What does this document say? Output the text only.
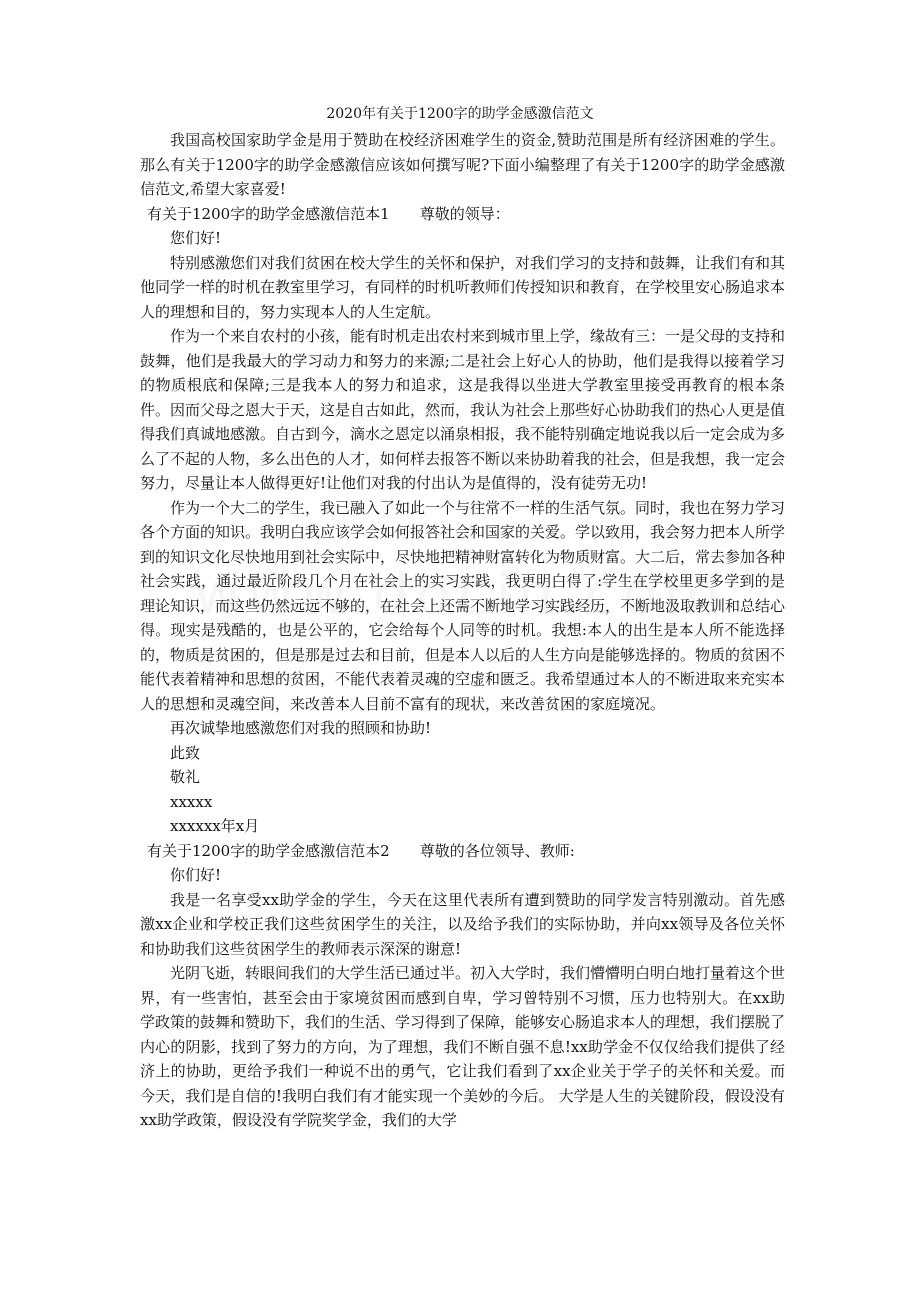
2020年有关于1200字的助学金感激信范文

我国高校国家助学金是用于赞助在校经济困难学生的资金,赞助范围是所有经济困难的学生。那么有关于1200字的助学金感激信应该如何撰写呢?下面小编整理了有关于1200字的助学金感激信范文,希望大家喜爱!

有关于1200字的助学金感激信范本1　　尊敬的领导：

您们好!

特别感激您们对我们贫困在校大学生的关怀和保护，对我们学习的支持和鼓舞，让我们有和其他同学一样的时机在教室里学习，有同样的时机听教师们传授知识和教育，在学校里安心肠追求本人的理想和目的，努力实现本人的人生定航。

作为一个来自农村的小孩，能有时机走出农村来到城市里上学，缘故有三：一是父母的支持和鼓舞，他们是我最大的学习动力和努力的来源;二是社会上好心人的协助，他们是我得以接着学习的物质根底和保障;三是我本人的努力和追求，这是我得以坐进大学教室里接受再教育的根本条件。因而父母之恩大于天，这是自古如此，然而，我认为社会上那些好心协助我们的热心人更是值得我们真诚地感激。自古到今，滴水之恩定以涌泉相报，我不能特别确定地说我以后一定会成为多么了不起的人物，多么出色的人才，如何样去报答不断以来协助着我的社会，但是我想，我一定会努力，尽量让本人做得更好!让他们对我的付出认为是值得的，没有徒劳无功!

作为一个大二的学生，我已融入了如此一个与往常不一样的生活气氛。同时，我也在努力学习各个方面的知识。我明白我应该学会如何报答社会和国家的关爱。学以致用，我会努力把本人所学到的知识文化尽快地用到社会实际中，尽快地把精神财富转化为物质财富。大二后，常去参加各种社会实践，通过最近阶段几个月在社会上的实习实践，我更明白得了:学生在学校里更多学到的是理论知识，而这些仍然远远不够的，在社会上还需不断地学习实践经历，不断地汲取教训和总结心得。现实是残酷的，也是公平的，它会给每个人同等的时机。我想:本人的出生是本人所不能选择的，物质是贫困的，但是那是过去和目前，但是本人以后的人生方向是能够选择的。物质的贫困不能代表着精神和思想的贫困，不能代表着灵魂的空虚和匮乏。我希望通过本人的不断进取来充实本人的思想和灵魂空间，来改善本人目前不富有的现状，来改善贫困的家庭境况。

再次诚挚地感激您们对我的照顾和协助!

此致

敬礼

xxxxx

xxxxxx年x月

有关于1200字的助学金感激信范本2　　尊敬的各位领导、教师:

你们好!

我是一名享受xx助学金的学生，今天在这里代表所有遭到赞助的同学发言特别激动。首先感激xx企业和学校正我们这些贫困学生的关注，以及给予我们的实际协助，并向xx领导及各位关怀和协助我们这些贫困学生的教师表示深深的谢意!

光阴飞逝，转眼间我们的大学生活已通过半。初入大学时，我们懵懵明白明白地打量着这个世界，有一些害怕，甚至会由于家境贫困而感到自卑，学习曾特别不习惯，压力也特别大。在xx助学政策的鼓舞和赞助下，我们的生活、学习得到了保障，能够安心肠追求本人的理想，我们摆脱了内心的阴影，找到了努力的方向，为了理想，我们不断自强不息!xx助学金不仅仅给我们提供了经济上的协助，更给予我们一种说不出的勇气，它让我们看到了xx企业关于学子的关怀和关爱。而今天，我们是自信的!我明白我们有才能实现一个美妙的今后。 大学是人生的关键阶段，假设没有xx助学政策，假设没有学院奖学金，我们的大学
